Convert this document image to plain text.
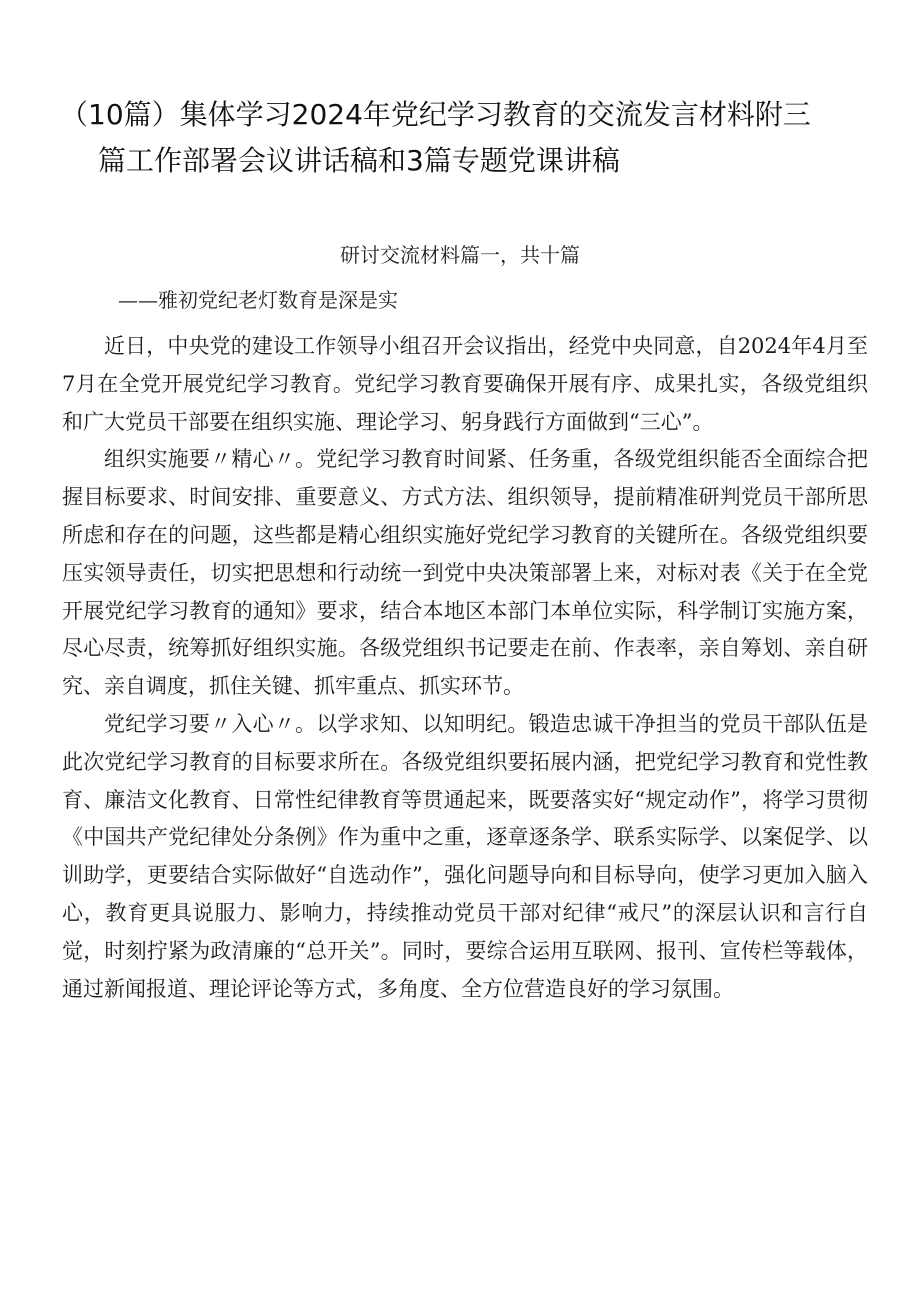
（10篇）集体学习2024年党纪学习教育的交流发言材料附三
篇工作部署会议讲话稿和3篇专题党课讲稿
研讨交流材料篇一，共十篇
——雅初党纪老灯数育是深是实

近日，中央党的建设工作领导小组召开会议指出，经党中央同意，自2024年4月至7月在全党开展党纪学习教育。党纪学习教育要确保开展有序、成果扎实，各级党组织和广大党员干部要在组织实施、理论学习、躬身践行方面做到“三心”。

组织实施要〃精心〃。党纪学习教育时间紧、任务重，各级党组织能否全面综合把握目标要求、时间安排、重要意义、方式方法、组织领导，提前精准研判党员干部所思所虑和存在的问题，这些都是精心组织实施好党纪学习教育的关键所在。各级党组织要压实领导责任，切实把思想和行动统一到党中央决策部署上来，对标对表《关于在全党开展党纪学习教育的通知》要求，结合本地区本部门本单位实际，科学制订实施方案，尽心尽责，统筹抓好组织实施。各级党组织书记要走在前、作表率，亲自筹划、亲自研究、亲自调度，抓住关键、抓牢重点、抓实环节。

党纪学习要〃入心〃。以学求知、以知明纪。锻造忠诚干净担当的党员干部队伍是此次党纪学习教育的目标要求所在。各级党组织要拓展内涵，把党纪学习教育和党性教育、廉洁文化教育、日常性纪律教育等贯通起来，既要落实好“规定动作”，将学习贯彻《中国共产党纪律处分条例》作为重中之重，逐章逐条学、联系实际学、以案促学、以训助学，更要结合实际做好“自选动作”，强化问题导向和目标导向，使学习更加入脑入心，教育更具说服力、影响力，持续推动党员干部对纪律“戒尺”的深层认识和言行自觉，时刻拧紧为政清廉的“总开关”。同时，要综合运用互联网、报刊、宣传栏等载体，通过新闻报道、理论评论等方式，多角度、全方位营造良好的学习氛围。
